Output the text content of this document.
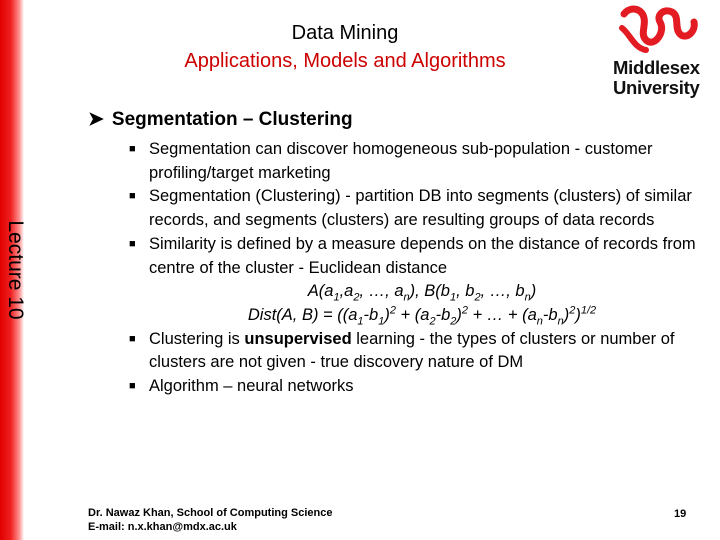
Data Mining
Applications, Models and Algorithms	Middlesex
University
Lecture 10
➤ Segmentation – Clustering
■ Segmentation can discover homogeneous sub-population - customer profiling/target marketing
■ Segmentation (Clustering) - partition DB into segments (clusters) of similar records, and segments (clusters) are resulting groups of data records
■ Similarity is defined by a measure depends on the distance of records from centre of the cluster - Euclidean distance
$A(a_1,a_2$, …, $a_n$), $B(b_1$, $b_2$, …, $b_n$)
Dist(A, $B) = ((a_1-b_1)^2 + (a_2-b_2)^2$ + … + $(a_n-b_n)^2)^{1/2}$
■ Clustering is unsupervised learning - the types of clusters or number of clusters are not given - true discovery nature of DM
■ Algorithm – neural networks
Dr. Nawaz Khan, School of Computing Science
E-mail: n.x.khan@mdx.ac.uk
19
